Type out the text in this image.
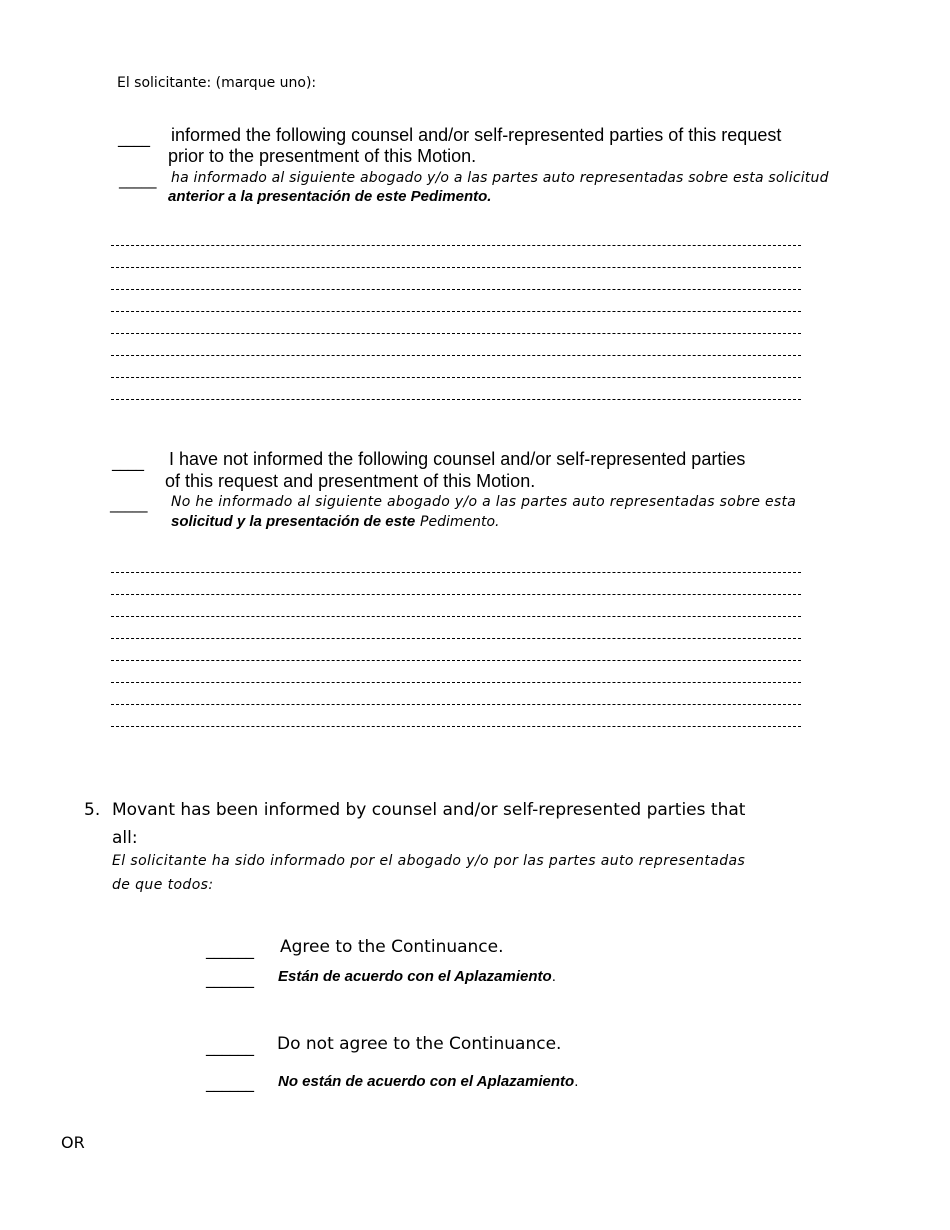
El solicitante: (marque uno):
____ informed the following counsel and/or self-represented parties of this request
prior to the presentment of this Motion.
_____ ha informado al siguiente abogado y/o a las partes auto representadas sobre esta solicitud
anterior a la presentación de este Pedimento.
____ I have not informed the following counsel and/or self-represented parties
of this request and presentment of this Motion.
_____ No he informado al siguiente abogado y/o a las partes auto representadas sobre esta
solicitud y la presentación de este Pedimento.
5. Movant has been informed by counsel and/or self-represented parties that
all:
El solicitante ha sido informado por el abogado y/o por las partes auto representadas
de que todos:
______ Agree to the Continuance.
______ Están de acuerdo con el Aplazamiento.
______ Do not agree to the Continuance.
______ No están de acuerdo con el Aplazamiento.
OR
